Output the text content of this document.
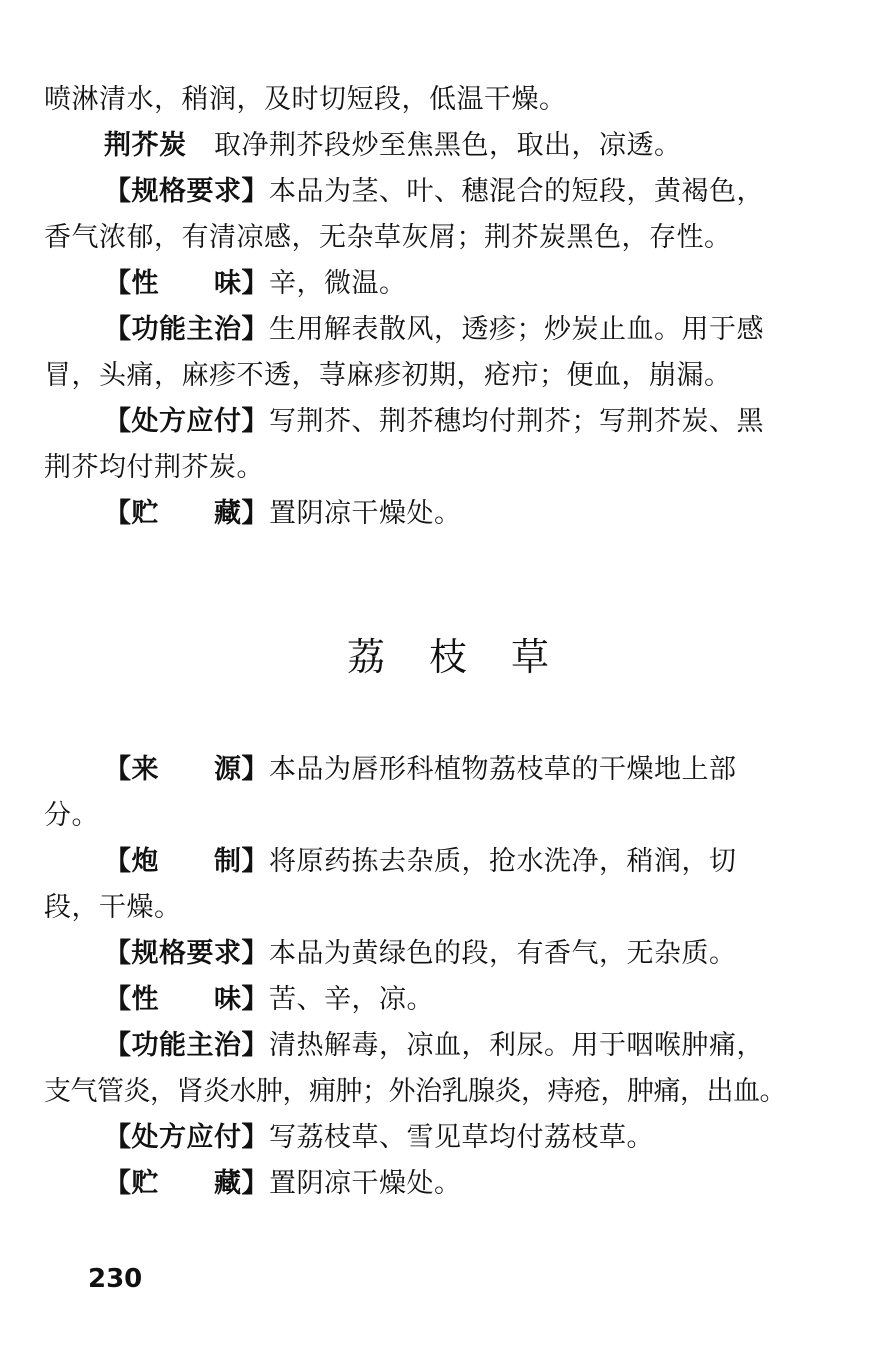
喷淋清水，稍润，及时切短段，低温干燥。
荆芥炭　 取净荆芥段炒至焦黑色，取出，凉透。
【规格要求】本品为茎、叶、穗混合的短段，黄褐色，
香气浓郁，有清凉感，无杂草灰屑；荆芥炭黑色，存性。
【性　　味】辛，微温。
【功能主治】生用解表散风，透疹；炒炭止血。用于感
冒，头痛，麻疹不透，荨麻疹初期，疮疖；便血，崩漏。
【处方应付】写荆芥、荆芥穗均付荆芥；写荆芥炭、黑
荆芥均付荆芥炭。
【贮　　藏】置阴凉干燥处。
荔枝草
【来　　源】本品为唇形科植物荔枝草的干燥地上部
分。
【炮　　制】将原药拣去杂质，抢水洗净，稍润，切
段，干燥。
【规格要求】本品为黄绿色的段，有香气，无杂质。
【性　　味】苦、辛，凉。
【功能主治】清热解毒，凉血，利尿。用于咽喉肿痛，
支气管炎，肾炎水肿，痈肿；外治乳腺炎，痔疮，肿痛，出血。
【处方应付】写荔枝草、雪见草均付荔枝草。
【贮　　藏】置阴凉干燥处。
230
